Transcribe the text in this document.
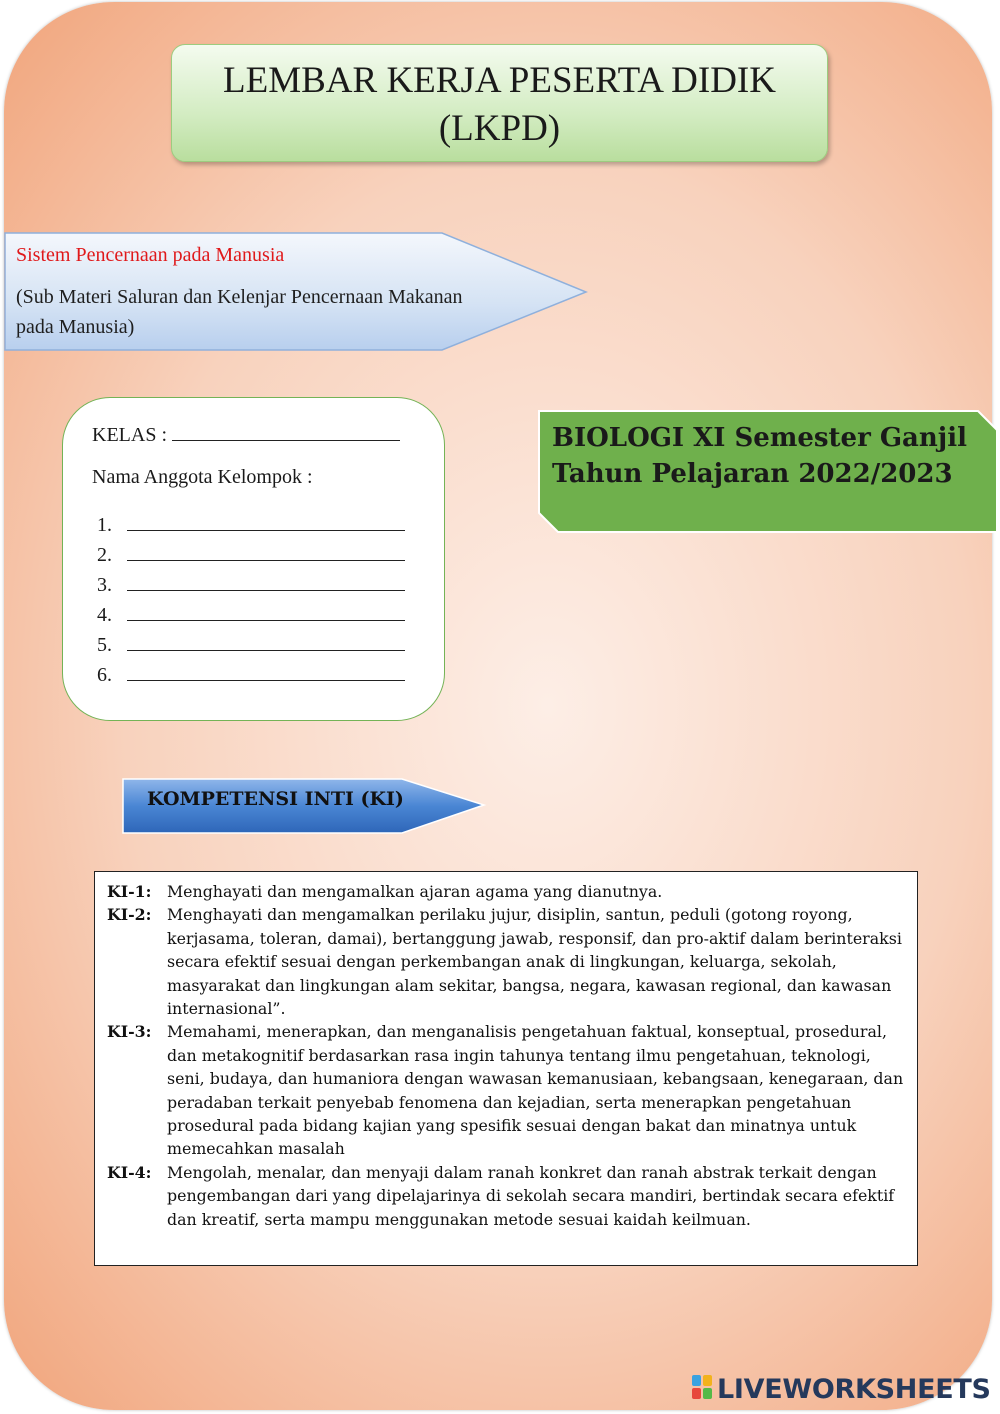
LEMBAR KERJA PESERTA DIDIK
(LKPD)
Sistem Pencernaan pada Manusia
(Sub Materi Saluran dan Kelenjar Pencernaan Makanan pada Manusia)
KELAS :
Nama Anggota Kelompok :
1.
2.
3.
4.
5.
6.
BIOLOGI XI Semester Ganjil
Tahun Pelajaran 2022/2023
KOMPETENSI INTI (KI)
KI-1: Menghayati dan mengamalkan ajaran agama yang dianutnya.
KI-2: Menghayati dan mengamalkan perilaku jujur, disiplin, santun, peduli (gotong royong, kerjasama, toleran, damai), bertanggung jawab, responsif, dan pro-aktif dalam berinteraksi secara efektif sesuai dengan perkembangan anak di lingkungan, keluarga, sekolah, masyarakat dan lingkungan alam sekitar, bangsa, negara, kawasan regional, dan kawasan internasional”.
KI-3: Memahami, menerapkan, dan menganalisis pengetahuan faktual, konseptual, prosedural, dan metakognitif berdasarkan rasa ingin tahunya tentang ilmu pengetahuan, teknologi, seni, budaya, dan humaniora dengan wawasan kemanusiaan, kebangsaan, kenegaraan, dan peradaban terkait penyebab fenomena dan kejadian, serta menerapkan pengetahuan prosedural pada bidang kajian yang spesifik sesuai dengan bakat dan minatnya untuk memecahkan masalah
KI-4: Mengolah, menalar, dan menyaji dalam ranah konkret dan ranah abstrak terkait dengan pengembangan dari yang dipelajarinya di sekolah secara mandiri, bertindak secara efektif dan kreatif, serta mampu menggunakan metode sesuai kaidah keilmuan.
LIVEWORKSHEETS
